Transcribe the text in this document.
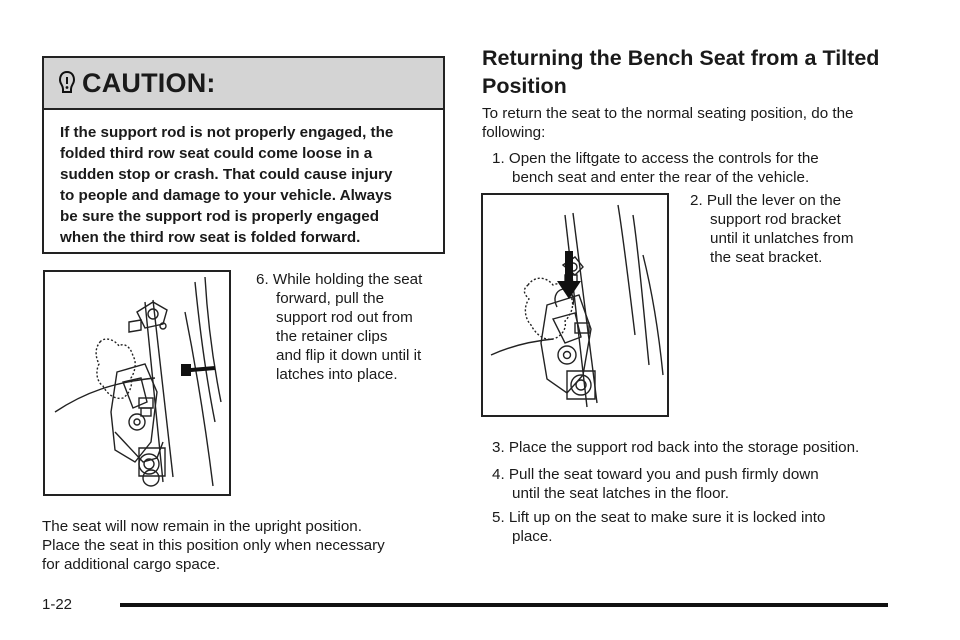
CAUTION:
If the support rod is not properly engaged, the
folded third row seat could come loose in a
sudden stop or crash. That could cause injury
to people and damage to your vehicle. Always
be sure the support rod is properly engaged
when the third row seat is folded forward.
6. While holding the seat
forward, pull the
support rod out from
the retainer clips
and flip it down until it
latches into place.
The seat will now remain in the upright position.
Place the seat in this position only when necessary
for additional cargo space.
Returning the Bench Seat from a Tilted
Position
To return the seat to the normal seating position, do the
following:
1. Open the liftgate to access the controls for the
bench seat and enter the rear of the vehicle.
2. Pull the lever on the
support rod bracket
until it unlatches from
the seat bracket.
3. Place the support rod back into the storage position.
4. Pull the seat toward you and push firmly down
until the seat latches in the floor.
5. Lift up on the seat to make sure it is locked into
place.
1-22
